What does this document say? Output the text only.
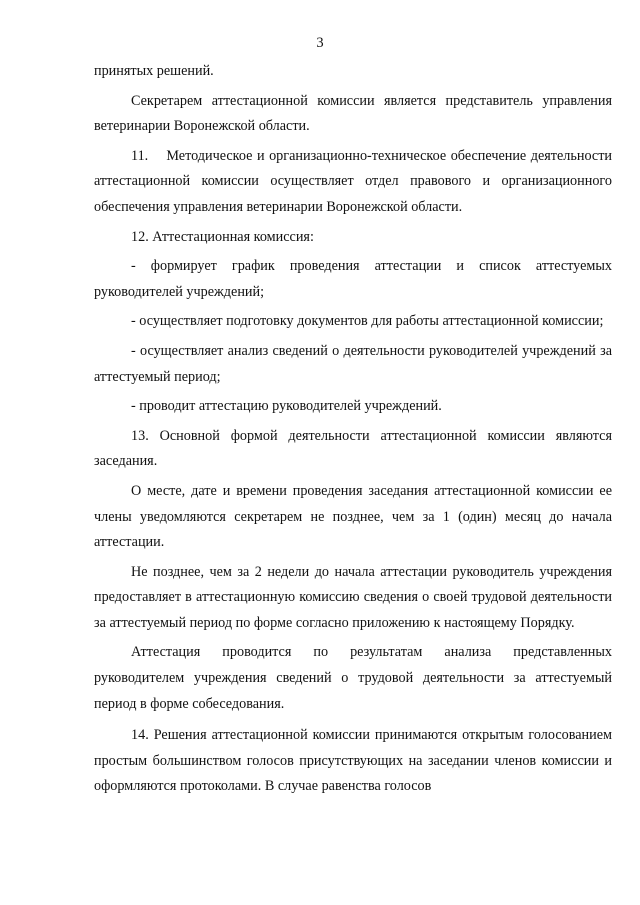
3

принятых решений.

Секретарем аттестационной комиссии является представитель управления ветеринарии Воронежской области.

11.    Методическое и организационно-техническое обеспечение деятельности аттестационной комиссии осуществляет отдел правового и организационного обеспечения управления ветеринарии Воронежской области.

12. Аттестационная комиссия:

- формирует график проведения аттестации и список аттестуемых руководителей учреждений;

- осуществляет подготовку документов для работы аттестационной комиссии;

- осуществляет анализ сведений о деятельности руководителей учреждений за аттестуемый период;

- проводит аттестацию руководителей учреждений.

13. Основной формой деятельности аттестационной комиссии являются заседания.

О месте, дате и времени проведения заседания аттестационной комиссии ее члены уведомляются секретарем не позднее, чем за 1 (один) месяц до начала аттестации.

Не позднее, чем за 2 недели до начала аттестации руководитель учреждения предоставляет в аттестационную комиссию сведения о своей трудовой деятельности за аттестуемый период по форме согласно приложению к настоящему Порядку.

Аттестация проводится по результатам анализа представленных руководителем учреждения сведений о трудовой деятельности за аттестуемый период в форме собеседования.

14. Решения аттестационной комиссии принимаются открытым голосованием простым большинством голосов присутствующих на заседании членов комиссии и оформляются протоколами. В случае равенства голосов
